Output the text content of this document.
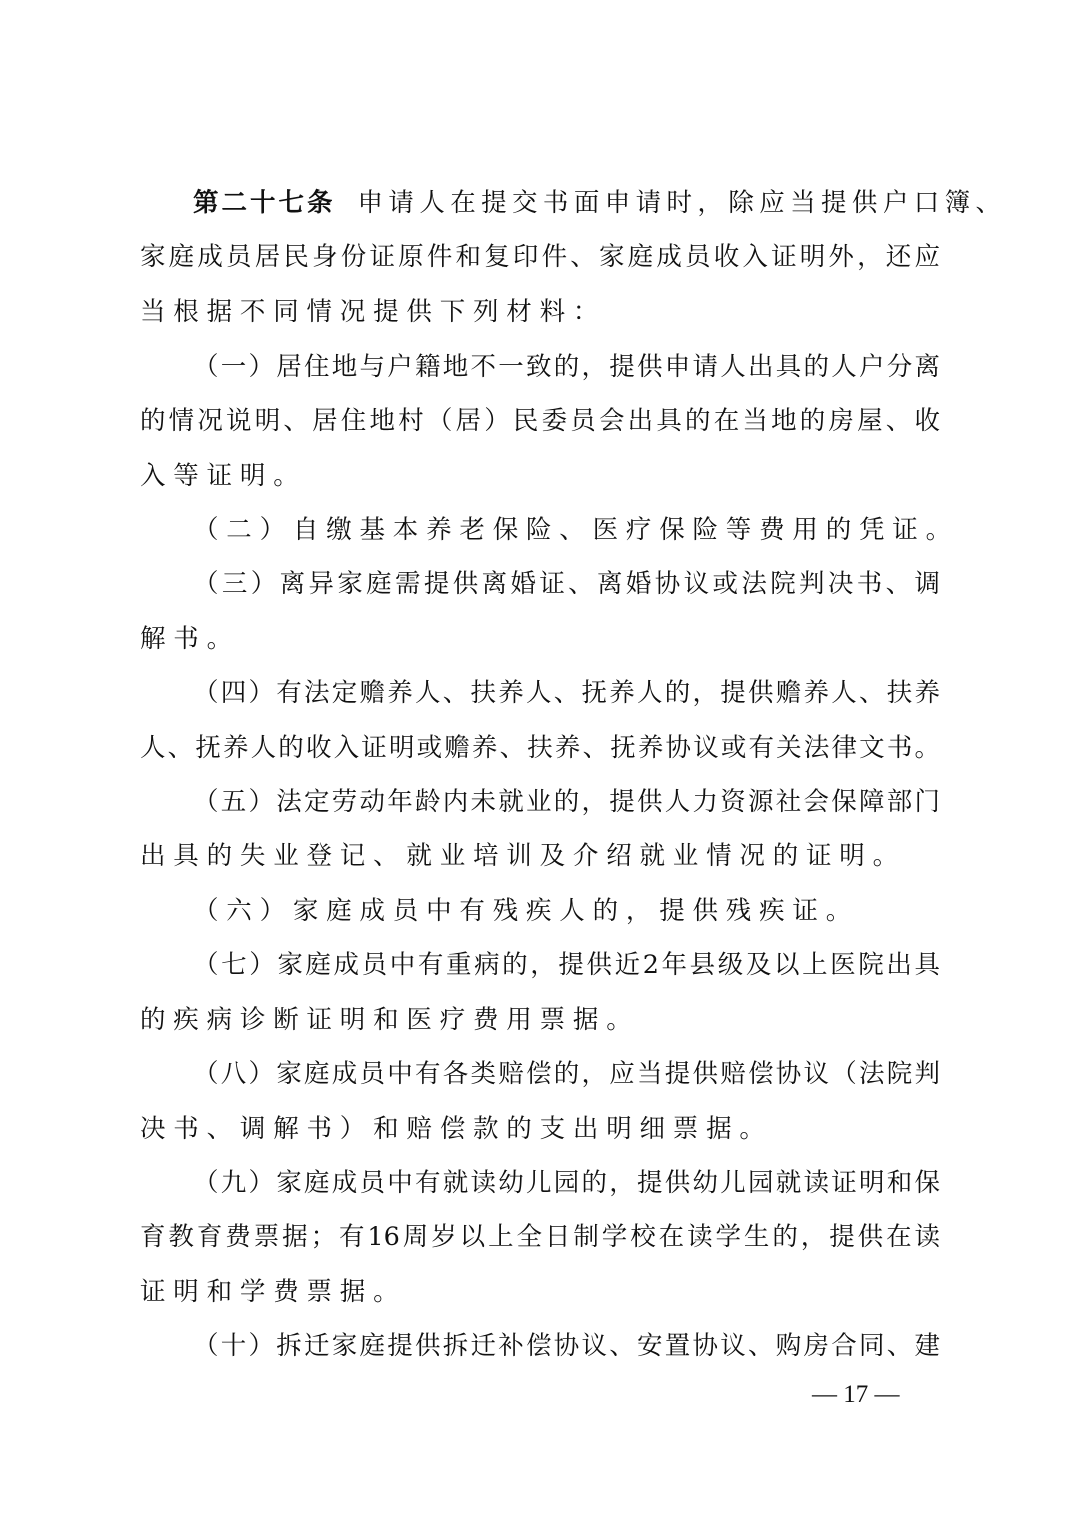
第二十七条 申请人在提交书面申请时，除应当提供户口簿、
家庭成员居民身份证原件和复印件、家庭成员收入证明外，还应
当根据不同情况提供下列材料：
（一）居住地与户籍地不一致的，提供申请人出具的人户分离
的情况说明、居住地村（居）民委员会出具的在当地的房屋、收
入等证明。
（二）自缴基本养老保险、医疗保险等费用的凭证。
（三）离异家庭需提供离婚证、离婚协议或法院判决书、调
解书。
（四）有法定赡养人、扶养人、抚养人的，提供赡养人、扶养
人、抚养人的收入证明或赡养、扶养、抚养协议或有关法律文书。
（五）法定劳动年龄内未就业的，提供人力资源社会保障部门
出具的失业登记、就业培训及介绍就业情况的证明。
（六）家庭成员中有残疾人的，提供残疾证。
（七）家庭成员中有重病的，提供近2年县级及以上医院出具
的疾病诊断证明和医疗费用票据。
（八）家庭成员中有各类赔偿的，应当提供赔偿协议（法院判
决书、调解书）和赔偿款的支出明细票据。
（九）家庭成员中有就读幼儿园的，提供幼儿园就读证明和保
育教育费票据；有16周岁以上全日制学校在读学生的，提供在读
证明和学费票据。
（十）拆迁家庭提供拆迁补偿协议、安置协议、购房合同、建
— 17 —
